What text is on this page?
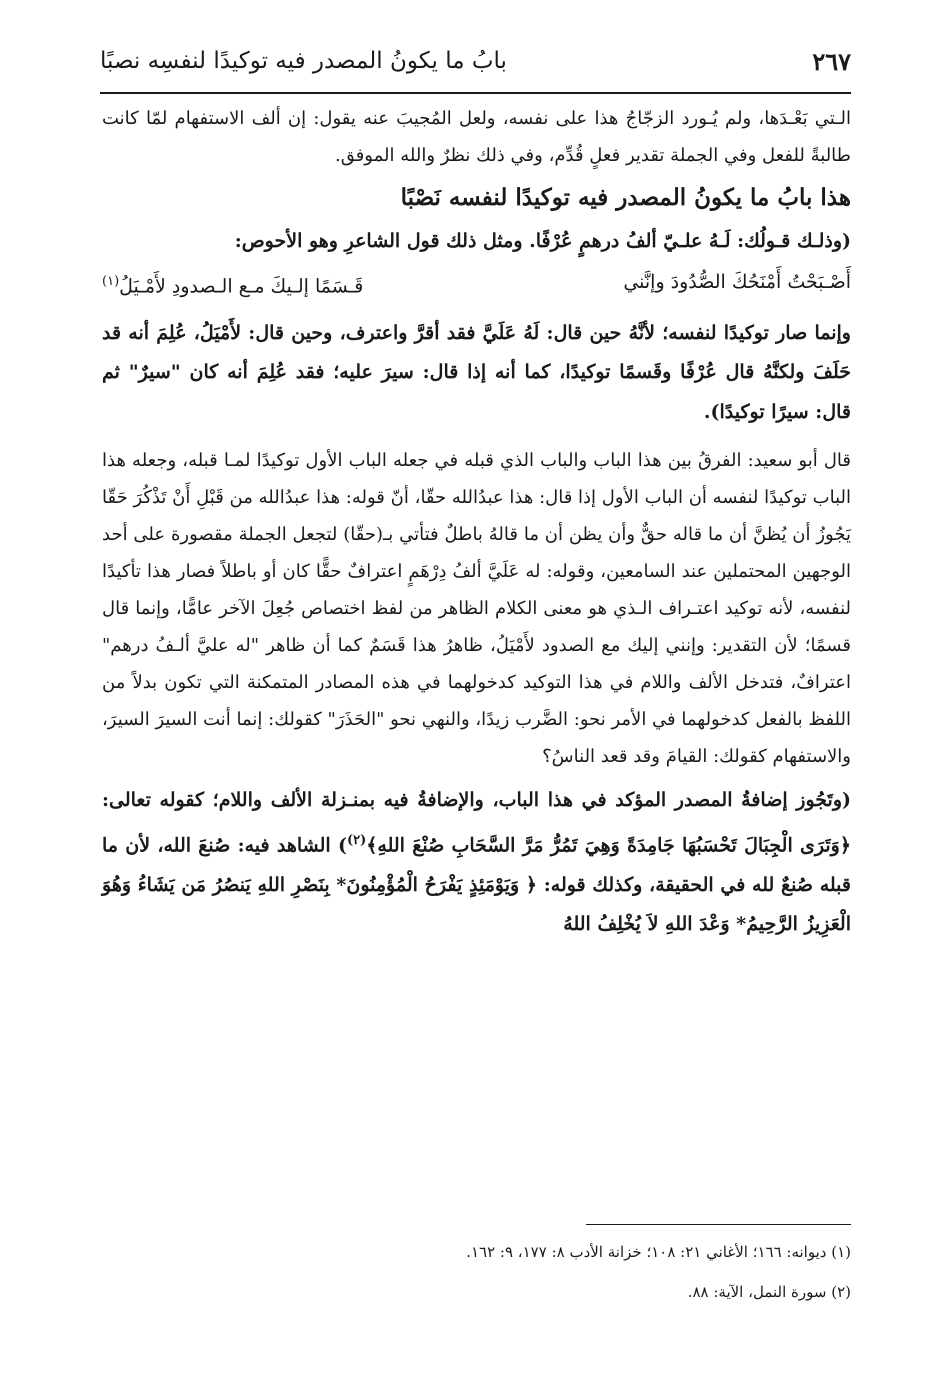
بابُ ما يكونُ المصدر فيه توكيدًا لنفسِه نصبًا	٢٦٧

الـتي بَعْـدَها، ولم يُـورد الزجّاجُ هذا على نفسه، ولعل المُجيبَ عنه يقول: إن ألف الاستفهام لمّا كانت طالبةً للفعل وفي الجملة تقدير فعلٍ قُدِّم، وفي ذلك نظرٌ والله الموفق.

هذا بابُ ما يكونُ المصدر فيه توكيدًا لنفسه نَصْبًا

(وذلـك قـولُك: لَـهُ علـيّ ألفُ درهمٍ عُرْفًا. ومثل ذلك قول الشاعرِ وهو الأحوص:

أَصْـبَحْتُ أَمْنَحُكَ الصُّدُودَ وإنَّني
قَـسَمًا إلـيكَ مـع الـصدودِ لأَمْـيَلُ$^{(١)}$

وإنما صار توكيدًا لنفسه؛ لأنَّهُ حين قال: لَهُ عَلَيَّ فقد أقرَّ واعترف، وحين قال: لأَمْيَلُ، عُلِمَ أنه قد حَلَفَ ولكنَّهُ قال عُرْفًا وقَسمًا توكيدًا، كما أنه إذا قال: سيرَ عليه؛ فقد عُلِمَ أنه كان "سيرٌ" ثم قال: سيرًا توكيدًا).

قال أبو سعيد: الفرقُ بين هذا الباب والباب الذي قبله في جعله الباب الأول توكيدًا لمـا قبله، وجعله هذا الباب توكيدًا لنفسه أن الباب الأول إذا قال: هذا عبدُالله حقّا، أنّ قوله: هذا عبدُالله من قَبْلِ أَنْ تَذْكُرَ حَقّا يَجُوزُ أن يُظنَّ أن ما قاله حقٌّ وأن يظن أن ما قالهُ باطلٌ فتأتي بـ(حقّا) لتجعل الجملة مقصورة على أحد الوجهين المحتملين عند السامعين، وقوله: له عَلَيَّ ألفُ دِرْهَمٍ اعترافٌ حقًّا كان أو باطلاً فصار هذا تأكيدًا لنفسه، لأنه توكيد اعتـراف الـذي هو معنى الكلام الظاهر من لفظ اختصاص جُعِلَ الآخر عامًّا، وإنما قال قسمًا؛ لأن التقدير: وإنني إليك مع الصدود لأَمْيَلُ، ظاهرُ هذا قَسَمٌ كما أن ظاهر "له عليَّ ألـفُ درهم" اعترافٌ، فتدخل الألف واللام في هذا التوكيد كدخولهما في هذه المصادر المتمكنة التي تكون بدلاً من اللفظ بالفعل كدخولهما في الأمر نحو: الضَّرب زيدًا، والنهي نحو "الحَذَرَ" كقولك: إنما أنت السيرَ السيرَ، والاستفهام كقولك: القيامَ وقد قعد الناسُ؟

(وتَجُوز إضافةُ المصدر المؤكد في هذا الباب، والإضافةُ فيه بمنـزلة الألف واللام؛ كقوله تعالى: ﴿وَتَرَى الْجِبَالَ تَحْسَبُهَا جَامِدَةً وَهِيَ تَمُرُّ مَرَّ السَّحَابِ صُنْعَ اللهِ﴾$^{(٢)}$) الشاهد فيه: صُنعَ الله، لأن ما قبله صُنعٌ لله في الحقيقة، وكذلك قوله: ﴿ وَيَوْمَئِذٍ يَفْرَحُ الْمُؤْمِنُونَ* بِنَصْرِ اللهِ يَنصُرُ مَن يَشَاءُ وَهُوَ الْعَزِيزُ الرَّحِيمُ* وَعْدَ اللهِ لاَ يُخْلِفُ اللهُ

(١) ديوانه: ١٦٦؛ الأغاني ٢١: ١٠٨؛ خزانة الأدب ٨: ١٧٧، ٩: ١٦٢.

(٢) سورة النمل، الآية: ٨٨.
